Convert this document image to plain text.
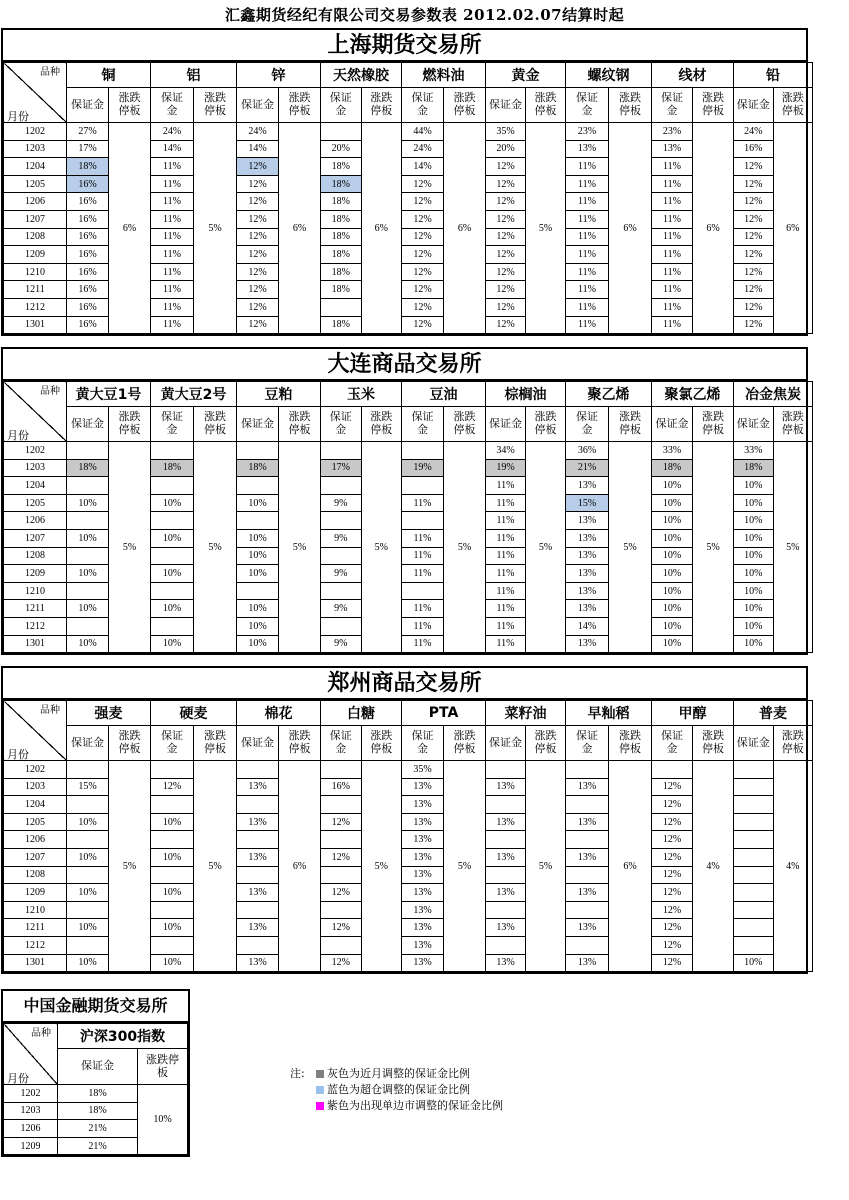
汇鑫期货经纪有限公司交易参数表 2012.02.07结算时起
上海期货交易所
品种
月份	铜		铝		锌		天然橡胶		燃料油		黄金		螺纹钢		线材		铅	
	保证金	涨跌停板	保证金	涨跌停板	保证金	涨跌停板	保证金	涨跌停板	保证金	涨跌停板	保证金	涨跌停板	保证金	涨跌停板	保证金	涨跌停板	保证金	涨跌停板
1202	27%	6%	24%	5%	24%	6%		6%	44%	6%	35%	5%	23%	6%	23%	6%	24%	6%
1203	17%		14%		14%		20%		24%		20%		13%		13%		16%	
1204	18%		11%		12%		18%		14%		12%		11%		11%		12%	
1205	16%		11%		12%		18%		12%		12%		11%		11%		12%	
1206	16%		11%		12%		18%		12%		12%		11%		11%		12%	
1207	16%		11%		12%		18%		12%		12%		11%		11%		12%	
1208	16%		11%		12%		18%		12%		12%		11%		11%		12%	
1209	16%		11%		12%		18%		12%		12%		11%		11%		12%	
1210	16%		11%		12%		18%		12%		12%		11%		11%		12%	
1211	16%		11%		12%		18%		12%		12%		11%		11%		12%	
1212	16%		11%		12%				12%		12%		11%		11%		12%	
1301	16%		11%		12%		18%		12%		12%		11%		11%		12%	
大连商品交易所
品种
月份	黄大豆1号		黄大豆2号		豆粕		玉米		豆油		棕榈油		聚乙烯		聚氯乙烯		冶金焦炭	
	保证金	涨跌停板	保证金	涨跌停板	保证金	涨跌停板	保证金	涨跌停板	保证金	涨跌停板	保证金	涨跌停板	保证金	涨跌停板	保证金	涨跌停板	保证金	涨跌停板
1202		5%		5%		5%		5%		5%	34%	5%	36%	5%	33%	5%	33%	5%
1203	18%		18%		18%		17%		19%		19%		21%		18%		18%	
1204											11%		13%		10%		10%	
1205	10%		10%		10%		9%		11%		11%		15%		10%		10%	
1206											11%		13%		10%		10%	
1207	10%		10%		10%		9%		11%		11%		13%		10%		10%	
1208					10%				11%		11%		13%		10%		10%	
1209	10%		10%		10%		9%		11%		11%		13%		10%		10%	
1210											11%		13%		10%		10%	
1211	10%		10%		10%		9%		11%		11%		13%		10%		10%	
1212					10%				11%		11%		14%		10%		10%	
1301	10%		10%		10%		9%		11%		11%		13%		10%		10%	
郑州商品交易所
品种
月份	强麦		硬麦		棉花		白糖		PTA		菜籽油		早籼稻		甲醇		普麦	
	保证金	涨跌停板	保证金	涨跌停板	保证金	涨跌停板	保证金	涨跌停板	保证金	涨跌停板	保证金	涨跌停板	保证金	涨跌停板	保证金	涨跌停板	保证金	涨跌停板
1202		5%		5%		6%		5%	35%	5%		5%		6%		4%		4%
1203	15%		12%		13%		16%		13%		13%		13%		12%			
1204									13%						12%			
1205	10%		10%		13%		12%		13%		13%		13%		12%			
1206									13%						12%			
1207	10%		10%		13%		12%		13%		13%		13%		12%			
1208									13%						12%			
1209	10%		10%		13%		12%		13%		13%		13%		12%			
1210									13%						12%			
1211	10%		10%		13%		12%		13%		13%		13%		12%			
1212									13%						12%			
1301	10%		10%		13%		12%		13%		13%		13%		12%		10%	
中国金融期货交易所
品种
月份	沪深300指数	
	保证金	涨跌停板
1202	18%	10%
1203	18%	
1206	21%	
1209	21%	
注:	灰色为近月调整的保证金比例
蓝色为超仓调整的保证金比例
紫色为出现单边市调整的保证金比例
